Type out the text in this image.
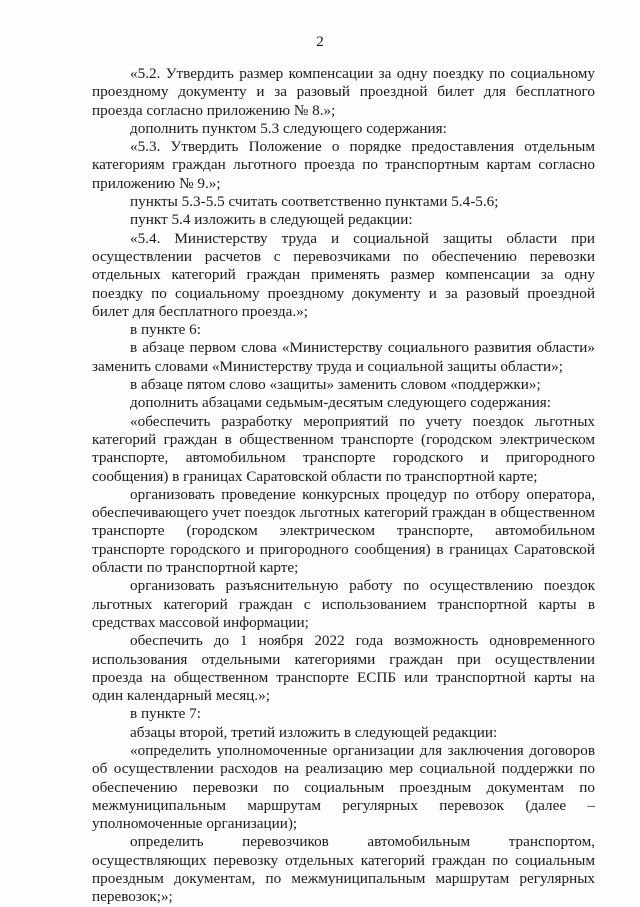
2

«5.2. Утвердить размер компенсации за одну поездку по социальному проездному документу и за разовый проездной билет для бесплатного проезда согласно приложению № 8.»;

дополнить пунктом 5.3 следующего содержания:

«5.3. Утвердить Положение о порядке предоставления отдельным категориям граждан льготного проезда по транспортным картам согласно приложению № 9.»;

пункты 5.3-5.5 считать соответственно пунктами 5.4-5.6;

пункт 5.4 изложить в следующей редакции:

«5.4. Министерству труда и социальной защиты области при осуществлении расчетов с перевозчиками по обеспечению перевозки отдельных категорий граждан применять размер компенсации за одну поездку по социальному проездному документу и за разовый проездной билет для бесплатного проезда.»;

в пункте 6:

в абзаце первом слова «Министерству социального развития области» заменить словами «Министерству труда и социальной защиты области»;

в абзаце пятом слово «защиты» заменить словом «поддержки»;

дополнить абзацами седьмым-десятым следующего содержания:

«обеспечить разработку мероприятий по учету поездок льготных категорий граждан в общественном транспорте (городском электрическом транспорте, автомобильном транспорте городского и пригородного сообщения) в границах Саратовской области по транспортной карте;

организовать проведение конкурсных процедур по отбору оператора, обеспечивающего учет поездок льготных категорий граждан в общественном транспорте (городском электрическом транспорте, автомобильном транспорте городского и пригородного сообщения) в границах Саратовской области по транспортной карте;

организовать разъяснительную работу по осуществлению поездок льготных категорий граждан с использованием транспортной карты в средствах массовой информации;

обеспечить до 1 ноября 2022 года возможность одновременного использования отдельными категориями граждан при осуществлении проезда на общественном транспорте ЕСПБ или транспортной карты на один календарный месяц.»;

в пункте 7:

абзацы второй, третий изложить в следующей редакции:

«определить уполномоченные организации для заключения договоров об осуществлении расходов на реализацию мер социальной поддержки по обеспечению перевозки по социальным проездным документам по межмуниципальным маршрутам регулярных перевозок (далее – уполномоченные организации);

определить перевозчиков автомобильным транспортом, осуществляющих перевозку отдельных категорий граждан по социальным проездным документам, по межмуниципальным маршрутам регулярных перевозок;»;
